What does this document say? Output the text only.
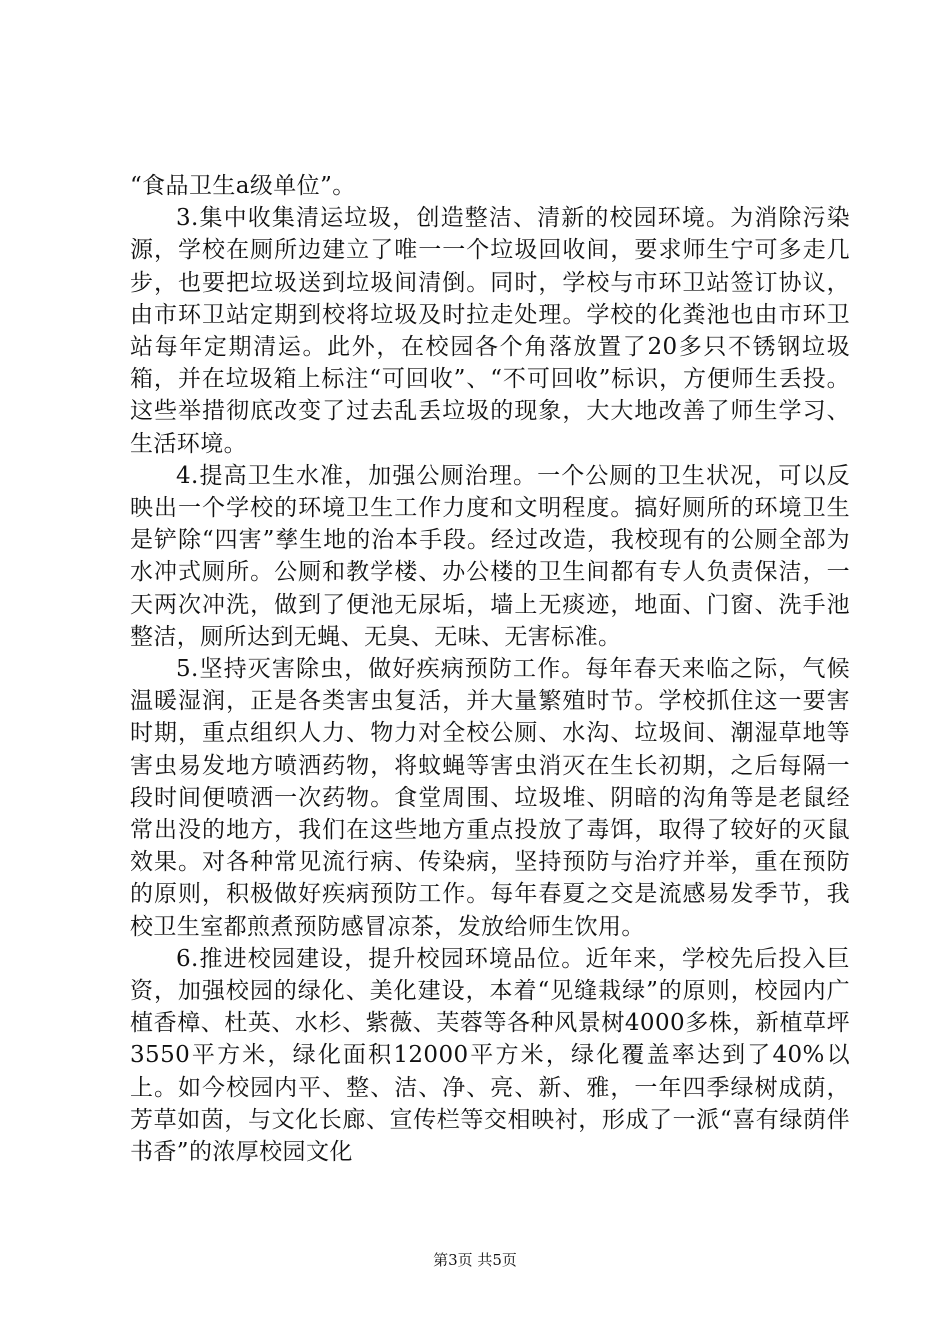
“食品卫生a级单位”。

3.集中收集清运垃圾，创造整洁、清新的校园环境。为消除污染源，学校在厕所边建立了唯一一个垃圾回收间，要求师生宁可多走几步，也要把垃圾送到垃圾间清倒。同时，学校与市环卫站签订协议，由市环卫站定期到校将垃圾及时拉走处理。学校的化粪池也由市环卫站每年定期清运。此外，在校园各个角落放置了20多只不锈钢垃圾箱，并在垃圾箱上标注“可回收”、“不可回收”标识，方便师生丢投。这些举措彻底改变了过去乱丢垃圾的现象，大大地改善了师生学习、生活环境。

4.提高卫生水准，加强公厕治理。一个公厕的卫生状况，可以反映出一个学校的环境卫生工作力度和文明程度。搞好厕所的环境卫生是铲除“四害”孳生地的治本手段。经过改造，我校现有的公厕全部为水冲式厕所。公厕和教学楼、办公楼的卫生间都有专人负责保洁，一天两次冲洗，做到了便池无尿垢，墙上无痰迹，地面、门窗、洗手池整洁，厕所达到无蝇、无臭、无味、无害标准。

5.坚持灭害除虫，做好疾病预防工作。每年春天来临之际，气候温暖湿润，正是各类害虫复活，并大量繁殖时节。学校抓住这一要害时期，重点组织人力、物力对全校公厕、水沟、垃圾间、潮湿草地等害虫易发地方喷洒药物，将蚊蝇等害虫消灭在生长初期，之后每隔一段时间便喷洒一次药物。食堂周围、垃圾堆、阴暗的沟角等是老鼠经常出没的地方，我们在这些地方重点投放了毒饵，取得了较好的灭鼠效果。对各种常见流行病、传染病，坚持预防与治疗并举，重在预防的原则，积极做好疾病预防工作。每年春夏之交是流感易发季节，我校卫生室都煎煮预防感冒凉茶，发放给师生饮用。

6.推进校园建设，提升校园环境品位。近年来，学校先后投入巨资，加强校园的绿化、美化建设，本着“见缝栽绿”的原则，校园内广植香樟、杜英、水杉、紫薇、芙蓉等各种风景树4000多株，新植草坪3550平方米，绿化面积12000平方米，绿化覆盖率达到了40%以上。如今校园内平、整、洁、净、亮、新、雅，一年四季绿树成荫，芳草如茵，与文化长廊、宣传栏等交相映衬，形成了一派“喜有绿荫伴书香”的浓厚校园文化

第3页 共5页
